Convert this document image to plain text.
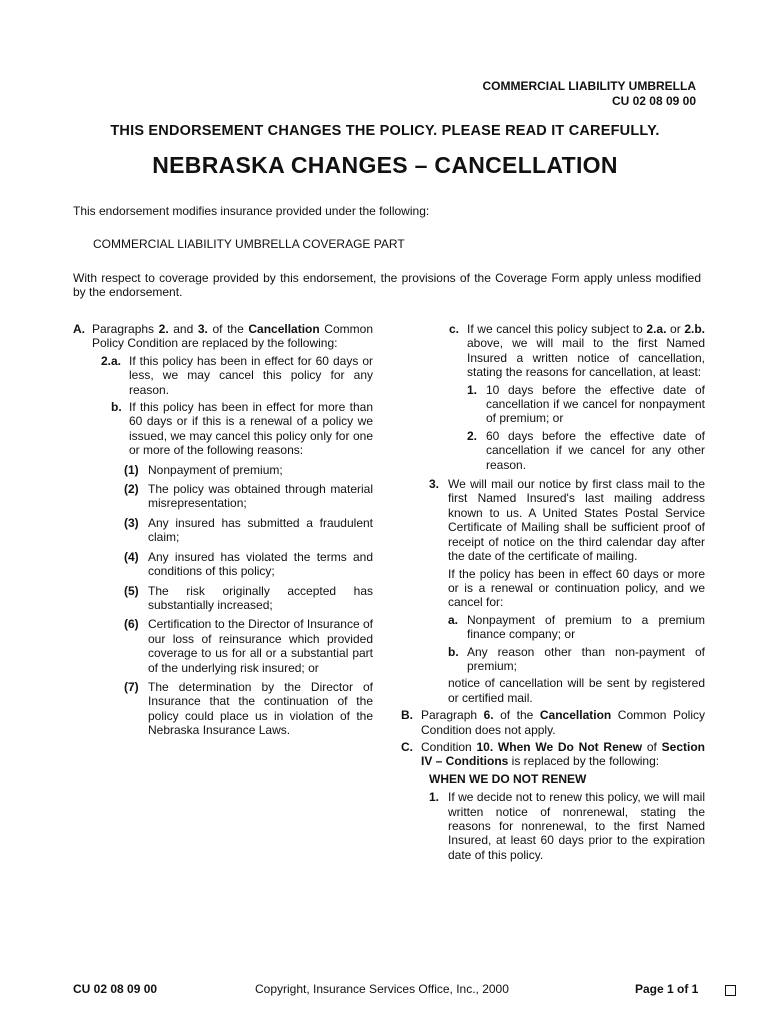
COMMERCIAL LIABILITY UMBRELLA
CU 02 08 09 00
THIS ENDORSEMENT CHANGES THE POLICY. PLEASE READ IT CAREFULLY.
NEBRASKA CHANGES – CANCELLATION
This endorsement modifies insurance provided under the following:
COMMERCIAL LIABILITY UMBRELLA COVERAGE PART
With respect to coverage provided by this endorsement, the provisions of the Coverage Form apply unless modified by the endorsement.
A. Paragraphs 2. and 3. of the Cancellation Common Policy Condition are replaced by the following:
2.a. If this policy has been in effect for 60 days or less, we may cancel this policy for any reason.
b. If this policy has been in effect for more than 60 days or if this is a renewal of a policy we issued, we may cancel this policy only for one or more of the following reasons:
(1) Nonpayment of premium;
(2) The policy was obtained through material misrepresentation;
(3) Any insured has submitted a fraudulent claim;
(4) Any insured has violated the terms and conditions of this policy;
(5) The risk originally accepted has substantially increased;
(6) Certification to the Director of Insurance of our loss of reinsurance which provided coverage to us for all or a substantial part of the underlying risk insured; or
(7) The determination by the Director of Insurance that the continuation of the policy could place us in violation of the Nebraska Insurance Laws.
c. If we cancel this policy subject to 2.a. or 2.b. above, we will mail to the first Named Insured a written notice of cancellation, stating the reasons for cancellation, at least:
1. 10 days before the effective date of cancellation if we cancel for nonpayment of premium; or
2. 60 days before the effective date of cancellation if we cancel for any other reason.
3. We will mail our notice by first class mail to the first Named Insured's last mailing address known to us. A United States Postal Service Certificate of Mailing shall be sufficient proof of receipt of notice on the third calendar day after the date of the certificate of mailing.
If the policy has been in effect 60 days or more or is a renewal or continuation policy, and we cancel for:
a. Nonpayment of premium to a premium finance company; or
b. Any reason other than non-payment of premium;
notice of cancellation will be sent by registered or certified mail.
B. Paragraph 6. of the Cancellation Common Policy Condition does not apply.
C. Condition 10. When We Do Not Renew of Section IV – Conditions is replaced by the following:
WHEN WE DO NOT RENEW
1. If we decide not to renew this policy, we will mail written notice of nonrenewal, stating the reasons for nonrenewal, to the first Named Insured, at least 60 days prior to the expiration date of this policy.
CU 02 08 09 00	Copyright, Insurance Services Office, Inc., 2000	Page 1 of 1
